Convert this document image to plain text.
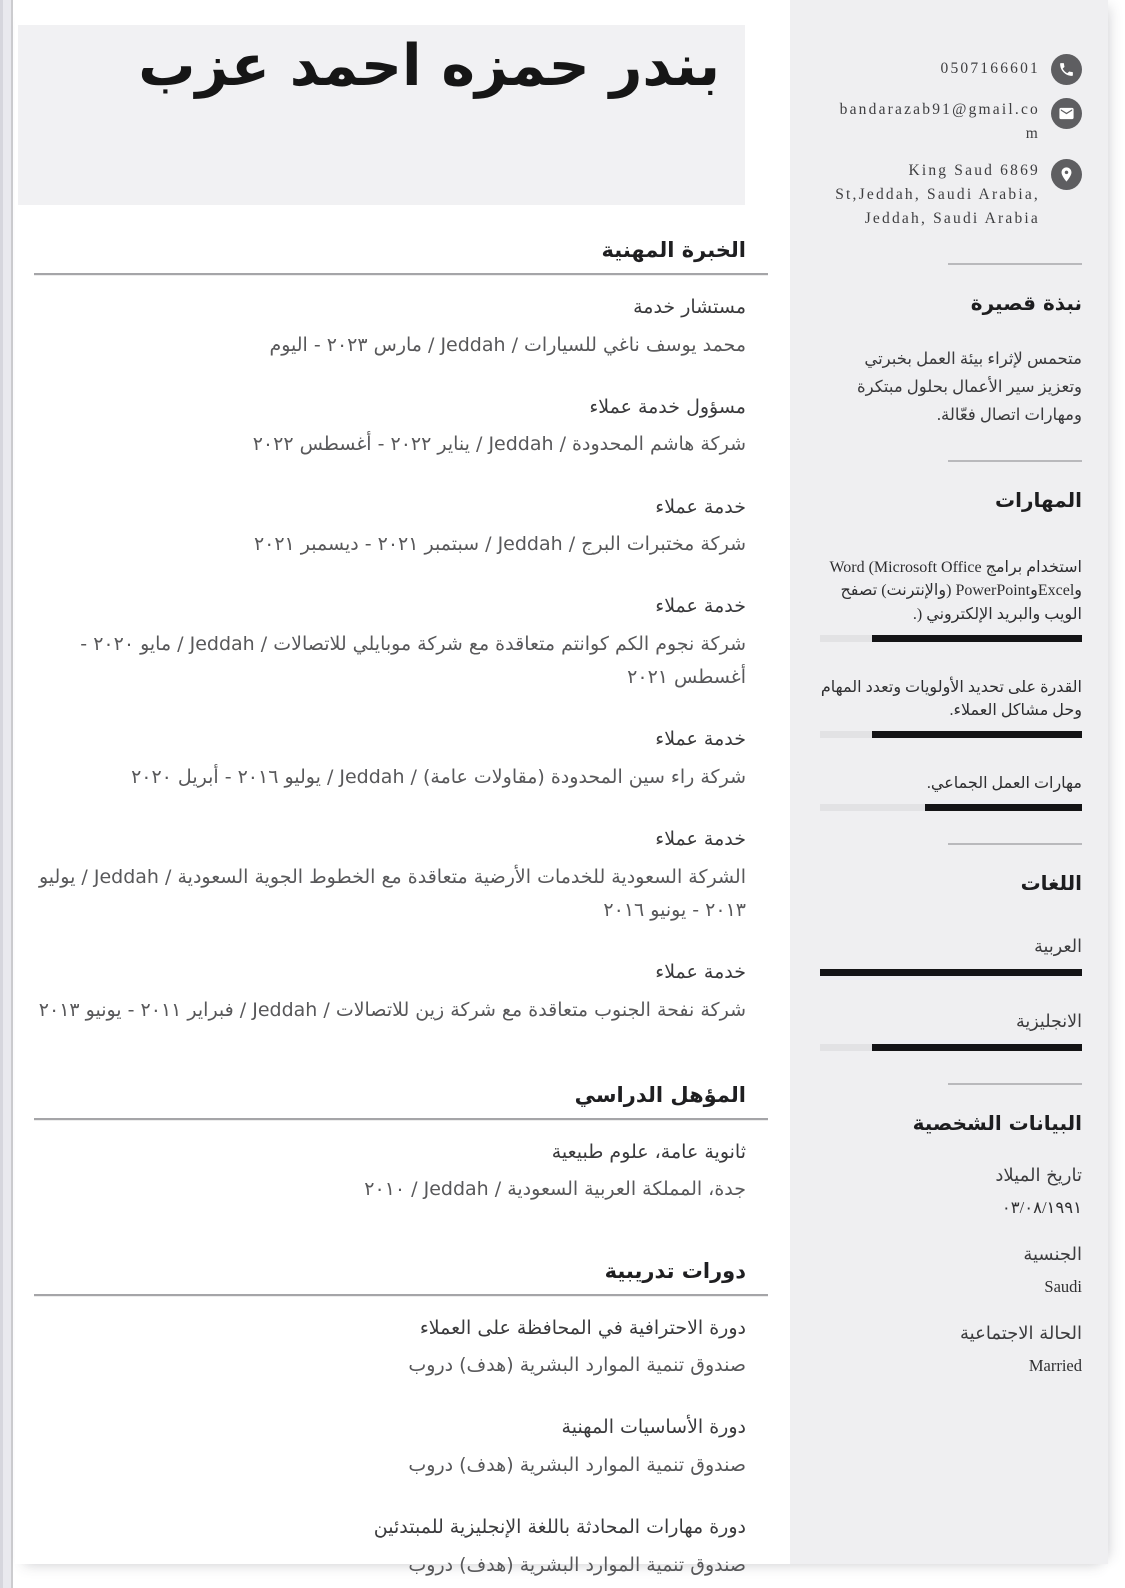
0507166601
bandarazab91@gmail.com
King Saud 6869 St,Jeddah, Saudi Arabia, Jeddah, Saudi Arabia
نبذة قصيرة
متحمس لإثراء بيئة العمل بخبرتي وتعزيز سير الأعمال بحلول مبتكرة ومهارات اتصال فعّالة.
المهارات
استخدام برامج Word (Microsoft Office وExcelوPowerPoint (والإنترنت) تصفح الويب والبريد الإلكتروني (.
القدرة على تحديد الأولويات وتعدد المهام وحل مشاكل العملاء.
مهارات العمل الجماعي.
اللغات
العربية
الانجليزية
البيانات الشخصية
تاريخ الميلاد
٠٣/٠٨/١٩٩١
الجنسية
Saudi
الحالة الاجتماعية
Married
بندر حمزه احمد عزب
الخبرة المهنية
مستشار خدمة
محمد يوسف ناغي للسيارات / Jeddah / مارس ٢٠٢٣ - اليوم
مسؤول خدمة عملاء
شركة هاشم المحدودة / Jeddah / يناير ٢٠٢٢ - أغسطس ٢٠٢٢
خدمة عملاء
شركة مختبرات البرج / Jeddah / سبتمبر ٢٠٢١ - ديسمبر ٢٠٢١
خدمة عملاء
شركة نجوم الكم كوانتم متعاقدة مع شركة موبايلي للاتصالات / Jeddah / مايو ٢٠٢٠ - أغسطس ٢٠٢١
خدمة عملاء
شركة راء سين المحدودة (مقاولات عامة) / Jeddah / يوليو ٢٠١٦ - أبريل ٢٠٢٠
خدمة عملاء
الشركة السعودية للخدمات الأرضية متعاقدة مع الخطوط الجوية السعودية / Jeddah / يوليو ٢٠١٣ - يونيو ٢٠١٦
خدمة عملاء
شركة نفحة الجنوب متعاقدة مع شركة زين للاتصالات / Jeddah / فبراير ٢٠١١ - يونيو ٢٠١٣
المؤهل الدراسي
ثانوية عامة، علوم طبيعية
جدة، المملكة العربية السعودية / Jeddah / ٢٠١٠
دورات تدريبية
دورة الاحترافية في المحافظة على العملاء
صندوق تنمية الموارد البشرية (هدف) دروب
دورة الأساسيات المهنية
صندوق تنمية الموارد البشرية (هدف) دروب
دورة مهارات المحادثة باللغة الإنجليزية للمبتدئين
صندوق تنمية الموارد البشرية (هدف) دروب
